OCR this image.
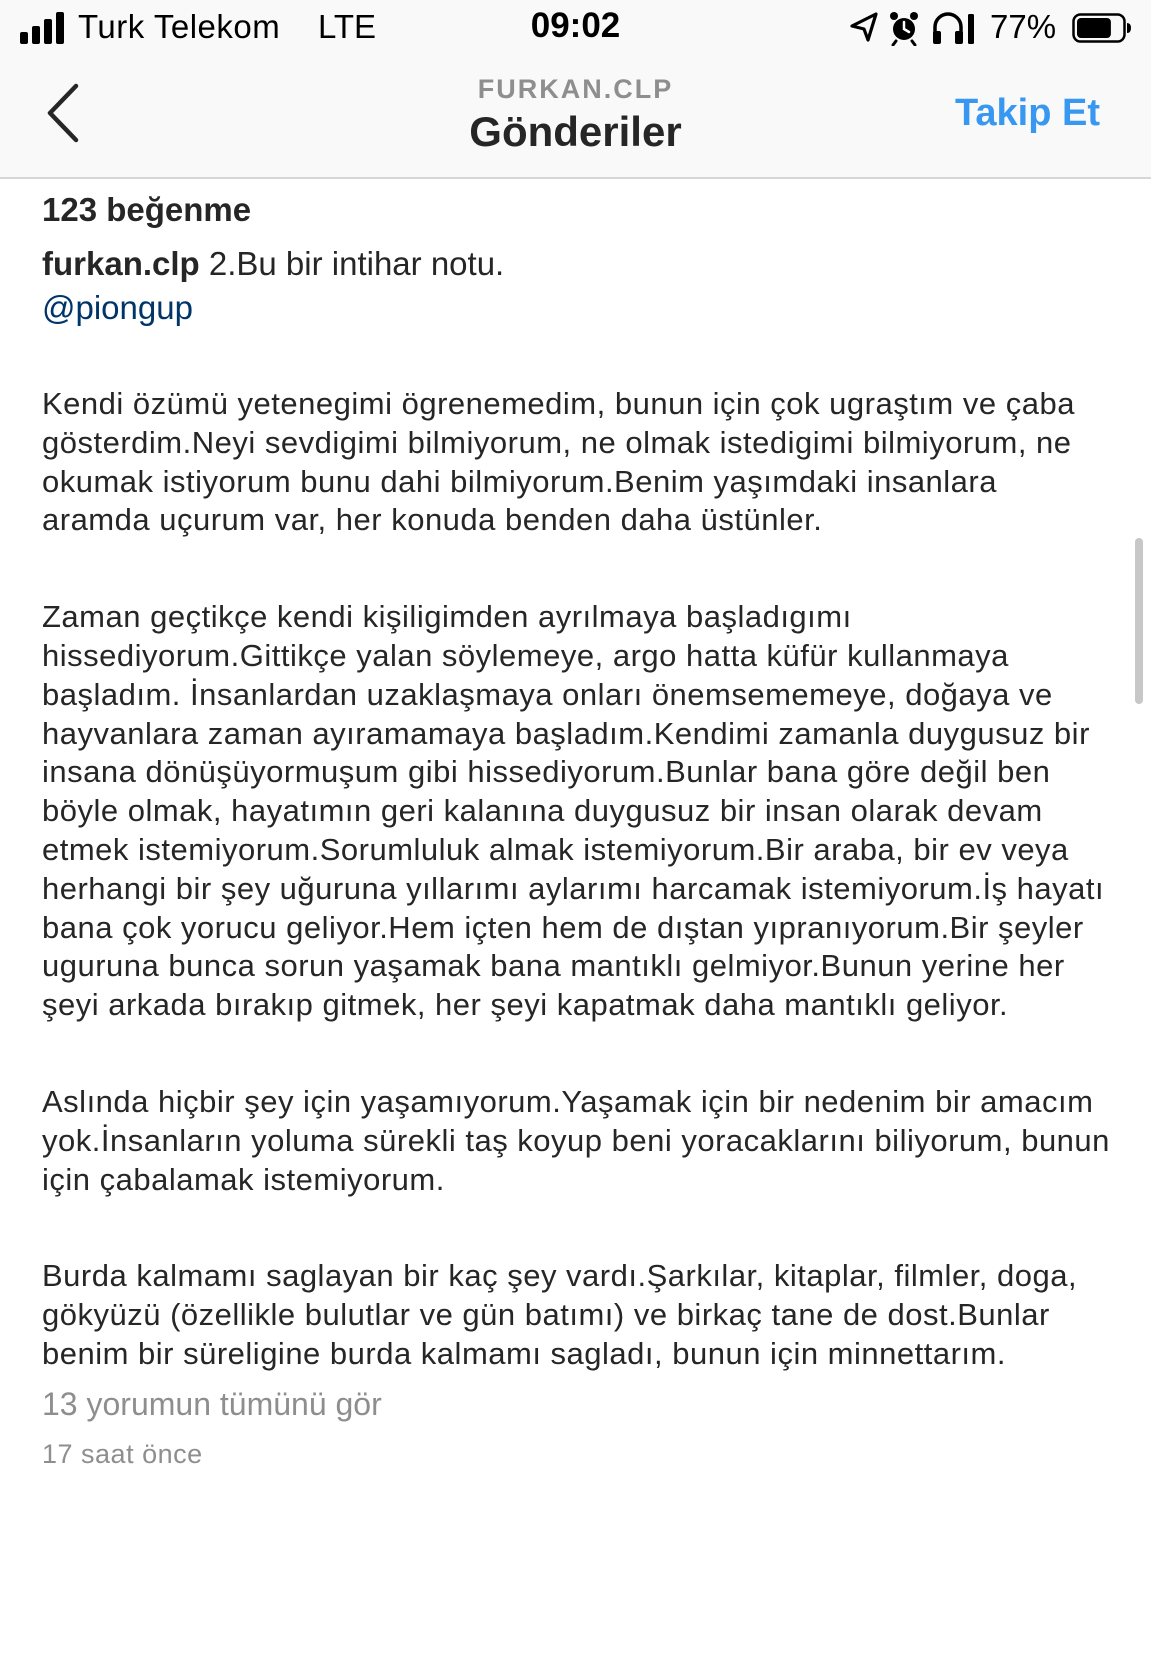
Turk Telekom LTE	09:02	77%
FURKAN.CLP
Gönderiler	Takip Et
123 beğenme
furkan.clp 2.Bu bir intihar notu.
@piongup
Kendi özümü yetenegimi ögrenemedim, bunun için çok ugraştım ve çaba gösterdim.Neyi sevdigimi bilmiyorum, ne olmak istedigimi bilmiyorum, ne okumak istiyorum bunu dahi bilmiyorum.Benim yaşımdaki insanlara aramda uçurum var, her konuda benden daha üstünler.
Zaman geçtikçe kendi kişiligimden ayrılmaya başladıgımı hissediyorum.Gittikçe yalan söylemeye, argo hatta küfür kullanmaya başladım. İnsanlardan uzaklaşmaya onları önemsememeye, doğaya ve hayvanlara zaman ayıramamaya başladım.Kendimi zamanla duygusuz bir insana dönüşüyormuşum gibi hissediyorum.Bunlar bana göre değil ben böyle olmak, hayatımın geri kalanına duygusuz bir insan olarak devam etmek istemiyorum.Sorumluluk almak istemiyorum.Bir araba, bir ev veya herhangi bir şey uğuruna yıllarımı aylarımı harcamak istemiyorum.İş hayatı bana çok yorucu geliyor.Hem içten hem de dıştan yıpranıyorum.Bir şeyler uguruna bunca sorun yaşamak bana mantıklı gelmiyor.Bunun yerine her şeyi arkada bırakıp gitmek, her şeyi kapatmak daha mantıklı geliyor.
Aslında hiçbir şey için yaşamıyorum.Yaşamak için bir nedenim bir amacım yok.İnsanların yoluma sürekli taş koyup beni yoracaklarını biliyorum, bunun için çabalamak istemiyorum.
Burda kalmamı saglayan bir kaç şey vardı.Şarkılar, kitaplar, filmler, doga, gökyüzü (özellikle bulutlar ve gün batımı) ve birkaç tane de dost.Bunlar benim bir süreligine burda kalmamı sagladı, bunun için minnettarım.
13 yorumun tümünü gör
17 saat önce
